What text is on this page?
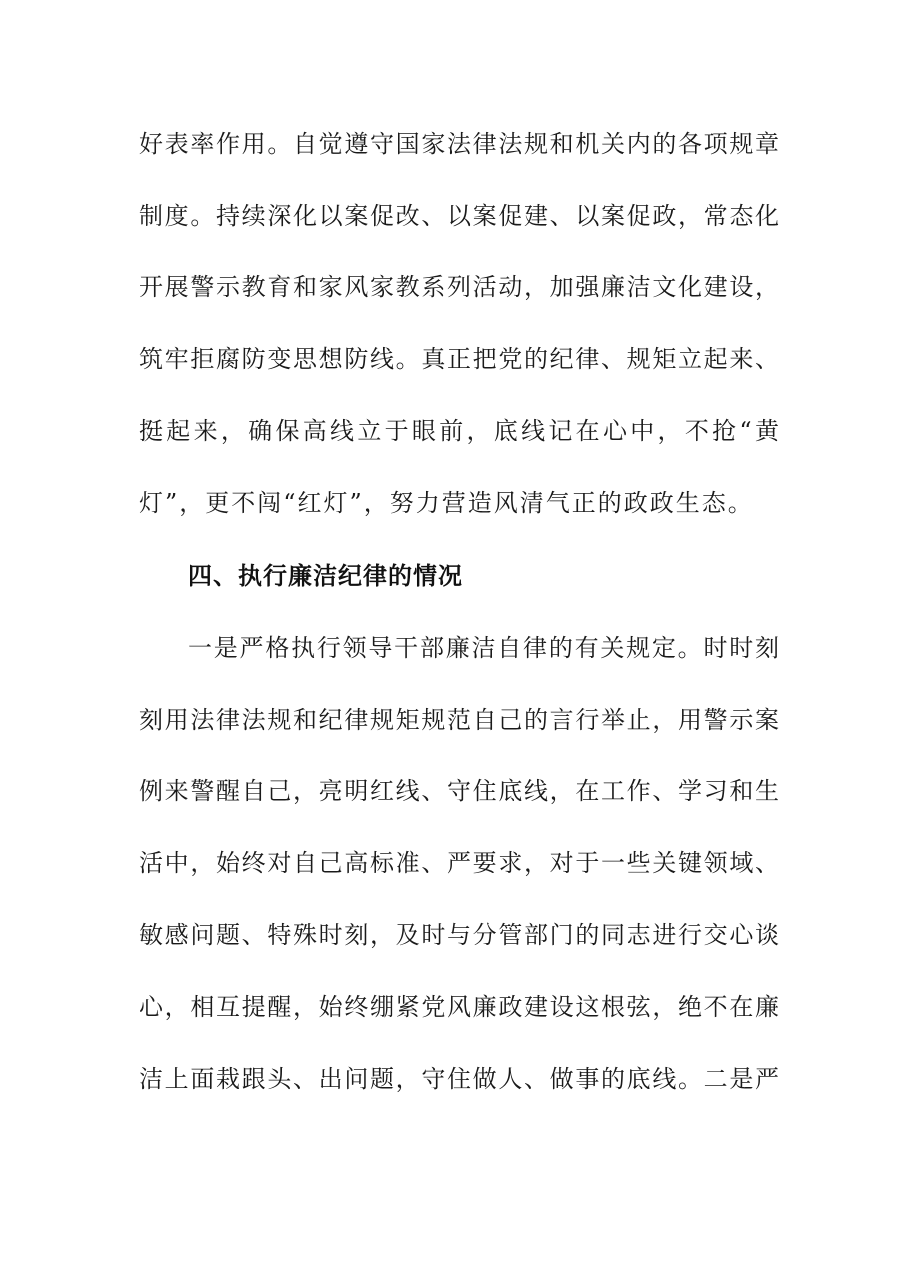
好表率作用。自觉遵守国家法律法规和机关内的各项规章
制度。持续深化以案促改、以案促建、以案促政，常态化
开展警示教育和家风家教系列活动，加强廉洁文化建设，
筑牢拒腐防变思想防线。真正把党的纪律、规矩立起来、
挺起来，确保高线立于眼前，底线记在心中，不抢“黄
灯”，更不闯“红灯”，努力营造风清气正的政政生态。
四、执行廉洁纪律的情况
一是严格执行领导干部廉洁自律的有关规定。时时刻
刻用法律法规和纪律规矩规范自己的言行举止，用警示案
例来警醒自己，亮明红线、守住底线，在工作、学习和生
活中，始终对自己高标准、严要求，对于一些关键领域、
敏感问题、特殊时刻，及时与分管部门的同志进行交心谈
心，相互提醒，始终绷紧党风廉政建设这根弦，绝不在廉
洁上面栽跟头、出问题，守住做人、做事的底线。二是严
